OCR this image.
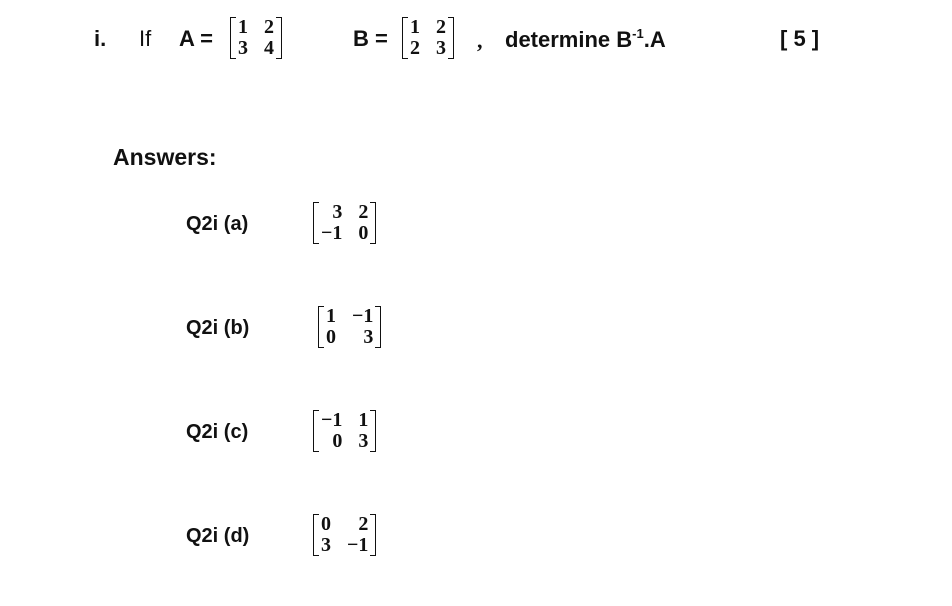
i. If A = 1 2
3 4	B = 1 2
2 3 , determine $B^{-1}.A$	[ 5 ]
Answers:
Q2i (a)
3 2
−1 0
Q2i (b)
1 −1
0	3
Q2i (c)
−1 1
0 3
Q2i (d)
0	2
3 −1
